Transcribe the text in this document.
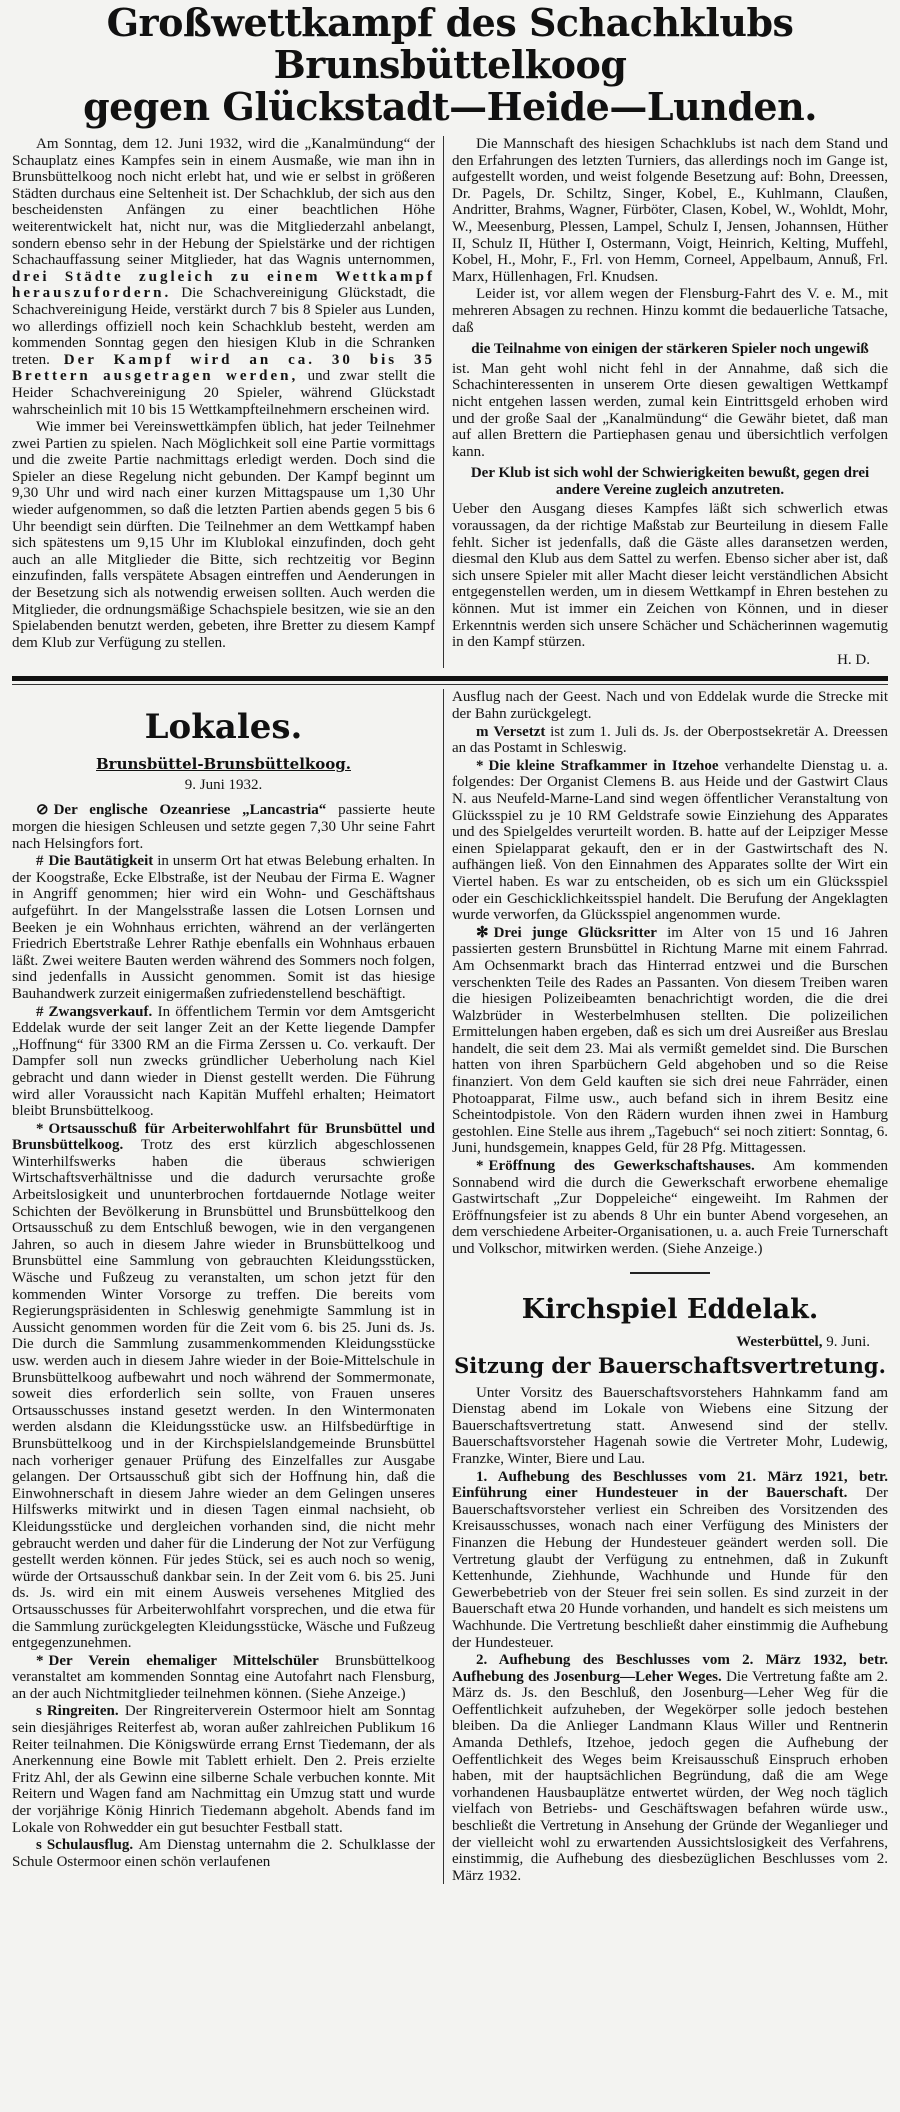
Großwettkampf des Schachklubs Brunsbüttelkoog
gegen Glückstadt—Heide—Lunden.

Am Sonntag, dem 12. Juni 1932, wird die „Kanalmündung“ der Schauplatz eines Kampfes sein in einem Ausmaße, wie man ihn in Brunsbüttelkoog noch nicht erlebt hat, und wie er selbst in größeren Städten durchaus eine Seltenheit ist. Der Schachklub, der sich aus den bescheidensten Anfängen zu einer beachtlichen Höhe weiterentwickelt hat, nicht nur, was die Mitgliederzahl anbelangt, sondern ebenso sehr in der Hebung der Spielstärke und der richtigen Schachauffassung seiner Mitglieder, hat das Wagnis unternommen, drei Städte zugleich zu einem Wettkampf herauszufordern. Die Schachvereinigung Glückstadt, die Schachvereinigung Heide, verstärkt durch 7 bis 8 Spieler aus Lunden, wo allerdings offiziell noch kein Schachklub besteht, werden am kommenden Sonntag gegen den hiesigen Klub in die Schranken treten. Der Kampf wird an ca. 30 bis 35 Brettern ausgetragen werden, und zwar stellt die Heider Schachvereinigung 20 Spieler, während Glückstadt wahrscheinlich mit 10 bis 15 Wettkampfteilnehmern erscheinen wird.

Wie immer bei Vereinswettkämpfen üblich, hat jeder Teilnehmer zwei Partien zu spielen. Nach Möglichkeit soll eine Partie vormittags und die zweite Partie nachmittags erledigt werden. Doch sind die Spieler an diese Regelung nicht gebunden. Der Kampf beginnt um 9,30 Uhr und wird nach einer kurzen Mittagspause um 1,30 Uhr wieder aufgenommen, so daß die letzten Partien abends gegen 5 bis 6 Uhr beendigt sein dürften. Die Teilnehmer an dem Wettkampf haben sich spätestens um 9,15 Uhr im Klublokal einzufinden, doch geht auch an alle Mitglieder die Bitte, sich rechtzeitig vor Beginn einzufinden, falls verspätete Absagen eintreffen und Aenderungen in der Besetzung sich als notwendig erweisen sollten. Auch werden die Mitglieder, die ordnungsmäßige Schachspiele besitzen, wie sie an den Spielabenden benutzt werden, gebeten, ihre Bretter zu diesem Kampf dem Klub zur Verfügung zu stellen.

Die Mannschaft des hiesigen Schachklubs ist nach dem Stand und den Erfahrungen des letzten Turniers, das allerdings noch im Gange ist, aufgestellt worden, und weist folgende Besetzung auf: Bohn, Dreessen, Dr. Pagels, Dr. Schiltz, Singer, Kobel, E., Kuhlmann, Claußen, Andritter, Brahms, Wagner, Fürböter, Clasen, Kobel, W., Wohldt, Mohr, W., Meesenburg, Plessen, Lampel, Schulz I, Jensen, Johannsen, Hüther II, Schulz II, Hüther I, Ostermann, Voigt, Heinrich, Kelting, Muffehl, Kobel, H., Mohr, F., Frl. von Hemm, Corneel, Appelbaum, Annuß, Frl. Marx, Hüllenhagen, Frl. Knudsen.

Leider ist, vor allem wegen der Flensburg-Fahrt des V. e. M., mit mehreren Absagen zu rechnen. Hinzu kommt die bedauerliche Tatsache, daß

die Teilnahme von einigen der stärkeren Spieler noch ungewiß

ist. Man geht wohl nicht fehl in der Annahme, daß sich die Schachinteressenten in unserem Orte diesen gewaltigen Wettkampf nicht entgehen lassen werden, zumal kein Eintrittsgeld erhoben wird und der große Saal der „Kanalmündung“ die Gewähr bietet, daß man auf allen Brettern die Partiephasen genau und übersichtlich verfolgen kann.

Der Klub ist sich wohl der Schwierigkeiten bewußt, gegen drei andere Vereine zugleich anzutreten.

Ueber den Ausgang dieses Kampfes läßt sich schwerlich etwas voraussagen, da der richtige Maßstab zur Beurteilung in diesem Falle fehlt. Sicher ist jedenfalls, daß die Gäste alles daransetzen werden, diesmal den Klub aus dem Sattel zu werfen. Ebenso sicher aber ist, daß sich unsere Spieler mit aller Macht dieser leicht verständlichen Absicht entgegenstellen werden, um in diesem Wettkampf in Ehren bestehen zu können. Mut ist immer ein Zeichen von Können, und in dieser Erkenntnis werden sich unsere Schächer und Schächerinnen wagemutig in den Kampf stürzen.

H. D.

Lokales.
Brunsbüttel-Brunsbüttelkoog.
9. Juni 1932.

⊘ Der englische Ozeanriese „Lancastria“ passierte heute morgen die hiesigen Schleusen und setzte gegen 7,30 Uhr seine Fahrt nach Helsingfors fort.

# Die Bautätigkeit in unserm Ort hat etwas Belebung erhalten. In der Koogstraße, Ecke Elbstraße, ist der Neubau der Firma E. Wagner in Angriff genommen; hier wird ein Wohn- und Geschäftshaus aufgeführt. In der Mangelsstraße lassen die Lotsen Lornsen und Beeken je ein Wohnhaus errichten, während an der verlängerten Friedrich Ebertstraße Lehrer Rathje ebenfalls ein Wohnhaus erbauen läßt. Zwei weitere Bauten werden während des Sommers noch folgen, sind jedenfalls in Aussicht genommen. Somit ist das hiesige Bauhandwerk zurzeit einigermaßen zufriedenstellend beschäftigt.

# Zwangsverkauf. In öffentlichem Termin vor dem Amtsgericht Eddelak wurde der seit langer Zeit an der Kette liegende Dampfer „Hoffnung“ für 3300 RM an die Firma Zerssen u. Co. verkauft. Der Dampfer soll nun zwecks gründlicher Ueberholung nach Kiel gebracht und dann wieder in Dienst gestellt werden. Die Führung wird aller Voraussicht nach Kapitän Muffehl erhalten; Heimatort bleibt Brunsbüttelkoog.

* Ortsausschuß für Arbeiterwohlfahrt für Brunsbüttel und Brunsbüttelkoog. Trotz des erst kürzlich abgeschlossenen Winterhilfswerks haben die überaus schwierigen Wirtschaftsverhältnisse und die dadurch verursachte große Arbeitslosigkeit und ununterbrochen fortdauernde Notlage weiter Schichten der Bevölkerung in Brunsbüttel und Brunsbüttelkoog den Ortsausschuß zu dem Entschluß bewogen, wie in den vergangenen Jahren, so auch in diesem Jahre wieder in Brunsbüttelkoog und Brunsbüttel eine Sammlung von gebrauchten Kleidungsstücken, Wäsche und Fußzeug zu veranstalten, um schon jetzt für den kommenden Winter Vorsorge zu treffen. Die bereits vom Regierungspräsidenten in Schleswig genehmigte Sammlung ist in Aussicht genommen worden für die Zeit vom 6. bis 25. Juni ds. Js. Die durch die Sammlung zusammenkommenden Kleidungsstücke usw. werden auch in diesem Jahre wieder in der Boie-Mittelschule in Brunsbüttelkoog aufbewahrt und noch während der Sommermonate, soweit dies erforderlich sein sollte, von Frauen unseres Ortsausschusses instand gesetzt werden. In den Wintermonaten werden alsdann die Kleidungsstücke usw. an Hilfsbedürftige in Brunsbüttelkoog und in der Kirchspielslandgemeinde Brunsbüttel nach vorheriger genauer Prüfung des Einzelfalles zur Ausgabe gelangen. Der Ortsausschuß gibt sich der Hoffnung hin, daß die Einwohnerschaft in diesem Jahre wieder an dem Gelingen unseres Hilfswerks mitwirkt und in diesen Tagen einmal nachsieht, ob Kleidungsstücke und dergleichen vorhanden sind, die nicht mehr gebraucht werden und daher für die Linderung der Not zur Verfügung gestellt werden können. Für jedes Stück, sei es auch noch so wenig, würde der Ortsausschuß dankbar sein. In der Zeit vom 6. bis 25. Juni ds. Js. wird ein mit einem Ausweis versehenes Mitglied des Ortsausschusses für Arbeiterwohlfahrt vorsprechen, und die etwa für die Sammlung zurückgelegten Kleidungsstücke, Wäsche und Fußzeug entgegenzunehmen.

* Der Verein ehemaliger Mittelschüler Brunsbüttelkoog veranstaltet am kommenden Sonntag eine Autofahrt nach Flensburg, an der auch Nichtmitglieder teilnehmen können. (Siehe Anzeige.)

s Ringreiten. Der Ringreiterverein Ostermoor hielt am Sonntag sein diesjähriges Reiterfest ab, woran außer zahlreichen Publikum 16 Reiter teilnahmen. Die Königswürde errang Ernst Tiedemann, der als Anerkennung eine Bowle mit Tablett erhielt. Den 2. Preis erzielte Fritz Ahl, der als Gewinn eine silberne Schale verbuchen konnte. Mit Reitern und Wagen fand am Nachmittag ein Umzug statt und wurde der vorjährige König Hinrich Tiedemann abgeholt. Abends fand im Lokale von Rohwedder ein gut besuchter Festball statt.

s Schulausflug. Am Dienstag unternahm die 2. Schulklasse der Schule Ostermoor einen schön verlaufenen

Ausflug nach der Geest. Nach und von Eddelak wurde die Strecke mit der Bahn zurückgelegt.

m Versetzt ist zum 1. Juli ds. Js. der Oberpostsekretär A. Dreessen an das Postamt in Schleswig.

* Die kleine Strafkammer in Itzehoe verhandelte Dienstag u. a. folgendes: Der Organist Clemens B. aus Heide und der Gastwirt Claus N. aus Neufeld-Marne-Land sind wegen öffentlicher Veranstaltung von Glücksspiel zu je 10 RM Geldstrafe sowie Einziehung des Apparates und des Spielgeldes verurteilt worden. B. hatte auf der Leipziger Messe einen Spielapparat gekauft, den er in der Gastwirtschaft des N. aufhängen ließ. Von den Einnahmen des Apparates sollte der Wirt ein Viertel haben. Es war zu entscheiden, ob es sich um ein Glücksspiel oder ein Geschicklichkeitsspiel handelt. Die Berufung der Angeklagten wurde verworfen, da Glücksspiel angenommen wurde.

✻ Drei junge Glücksritter im Alter von 15 und 16 Jahren passierten gestern Brunsbüttel in Richtung Marne mit einem Fahrrad. Am Ochsenmarkt brach das Hinterrad entzwei und die Burschen verschenkten Teile des Rades an Passanten. Von diesem Treiben waren die hiesigen Polizeibeamten benachrichtigt worden, die die drei Walzbrüder in Westerbelmhusen stellten. Die polizeilichen Ermittelungen haben ergeben, daß es sich um drei Ausreißer aus Breslau handelt, die seit dem 23. Mai als vermißt gemeldet sind. Die Burschen hatten von ihren Sparbüchern Geld abgehoben und so die Reise finanziert. Von dem Geld kauften sie sich drei neue Fahrräder, einen Photoapparat, Filme usw., auch befand sich in ihrem Besitz eine Scheintodpistole. Von den Rädern wurden ihnen zwei in Hamburg gestohlen. Eine Stelle aus ihrem „Tagebuch“ sei noch zitiert: Sonntag, 6. Juni, hundsgemein, knappes Geld, für 28 Pfg. Mittagessen.

* Eröffnung des Gewerkschaftshauses. Am kommenden Sonnabend wird die durch die Gewerkschaft erworbene ehemalige Gastwirtschaft „Zur Doppeleiche“ eingeweiht. Im Rahmen der Eröffnungsfeier ist zu abends 8 Uhr ein bunter Abend vorgesehen, an dem verschiedene Arbeiter-Organisationen, u. a. auch Freie Turnerschaft und Volkschor, mitwirken werden. (Siehe Anzeige.)

Kirchspiel Eddelak.
Westerbüttel, 9. Juni.
Sitzung der Bauerschaftsvertretung.

Unter Vorsitz des Bauerschaftsvorstehers Hahnkamm fand am Dienstag abend im Lokale von Wiebens eine Sitzung der Bauerschaftsvertretung statt. Anwesend sind der stellv. Bauerschaftsvorsteher Hagenah sowie die Vertreter Mohr, Ludewig, Franzke, Winter, Biere und Lau.

1. Aufhebung des Beschlusses vom 21. März 1921, betr. Einführung einer Hundesteuer in der Bauerschaft. Der Bauerschaftsvorsteher verliest ein Schreiben des Vorsitzenden des Kreisausschusses, wonach nach einer Verfügung des Ministers der Finanzen die Hebung der Hundesteuer geändert werden soll. Die Vertretung glaubt der Verfügung zu entnehmen, daß in Zukunft Kettenhunde, Ziehhunde, Wachhunde und Hunde für den Gewerbebetrieb von der Steuer frei sein sollen. Es sind zurzeit in der Bauerschaft etwa 20 Hunde vorhanden, und handelt es sich meistens um Wachhunde. Die Vertretung beschließt daher einstimmig die Aufhebung der Hundesteuer.

2. Aufhebung des Beschlusses vom 2. März 1932, betr. Aufhebung des Josenburg—Leher Weges. Die Vertretung faßte am 2. März ds. Js. den Beschluß, den Josenburg—Leher Weg für die Oeffentlichkeit aufzuheben, der Wegekörper solle jedoch bestehen bleiben. Da die Anlieger Landmann Klaus Willer und Rentnerin Amanda Dethlefs, Itzehoe, jedoch gegen die Aufhebung der Oeffentlichkeit des Weges beim Kreisausschuß Einspruch erhoben haben, mit der hauptsächlichen Begründung, daß die am Wege vorhandenen Hausbauplätze entwertet würden, der Weg noch täglich vielfach von Betriebs- und Geschäftswagen befahren würde usw., beschließt die Vertretung in Ansehung der Gründe der Weganlieger und der vielleicht wohl zu erwartenden Aussichtslosigkeit des Verfahrens, einstimmig, die Aufhebung des diesbezüglichen Beschlusses vom 2. März 1932.
